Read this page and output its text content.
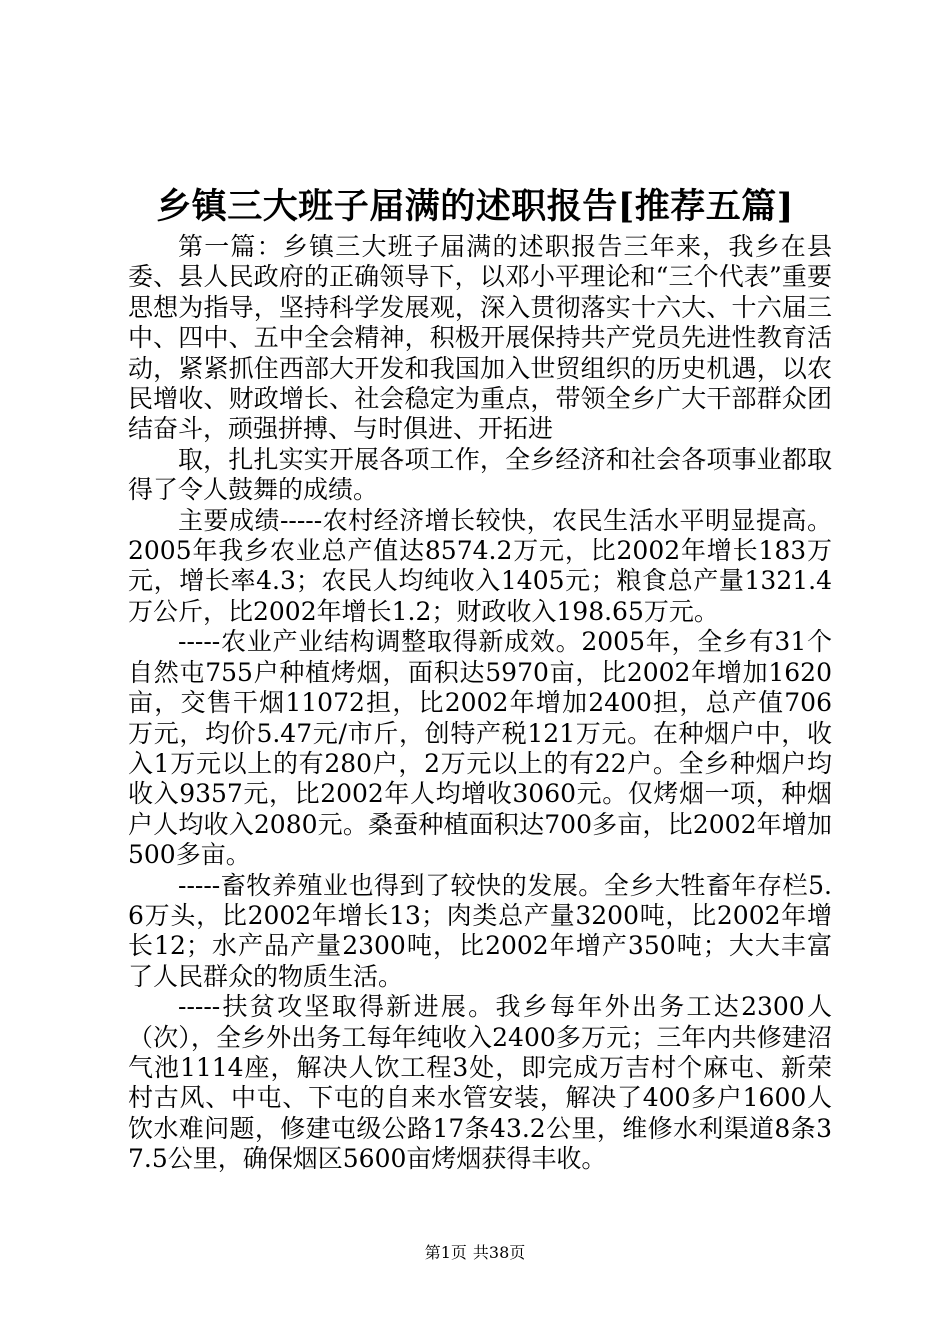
乡镇三大班子届满的述职报告[推荐五篇]

第一篇：乡镇三大班子届满的述职报告三年来，我乡在县委、县人民政府的正确领导下，以邓小平理论和“三个代表”重要思想为指导，坚持科学发展观，深入贯彻落实十六大、十六届三中、四中、五中全会精神，积极开展保持共产党员先进性教育活动，紧紧抓住西部大开发和我国加入世贸组织的历史机遇，以农民增收、财政增长、社会稳定为重点，带领全乡广大干部群众团结奋斗，顽强拼搏、与时俱进、开拓进

取，扎扎实实开展各项工作，全乡经济和社会各项事业都取得了令人鼓舞的成绩。

主要成绩-----农村经济增长较快，农民生活水平明显提高。2005年我乡农业总产值达8574.2万元，比2002年增长183万元，增长率4.3；农民人均纯收入1405元；粮食总产量1321.4万公斤，比2002年增长1.2；财政收入198.65万元。

-----农业产业结构调整取得新成效。2005年，全乡有31个自然屯755户种植烤烟，面积达5970亩，比2002年增加1620亩，交售干烟11072担，比2002年增加2400担，总产值706万元，均价5.47元/市斤，创特产税121万元。在种烟户中，收入1万元以上的有280户，2万元以上的有22户。全乡种烟户均收入9357元，比2002年人均增收3060元。仅烤烟一项，种烟户人均收入2080元。桑蚕种植面积达700多亩，比2002年增加500多亩。

-----畜牧养殖业也得到了较快的发展。全乡大牲畜年存栏5.6万头，比2002年增长13；肉类总产量3200吨，比2002年增长12；水产品产量2300吨，比2002年增产350吨；大大丰富了人民群众的物质生活。

-----扶贫攻坚取得新进展。我乡每年外出务工达2300人（次），全乡外出务工每年纯收入2400多万元；三年内共修建沼气池1114座，解决人饮工程3处，即完成万吉村个麻屯、新荣村古风、中屯、下屯的自来水管安装，解决了400多户1600人饮水难问题，修建屯级公路17条43.2公里，维修水利渠道8条37.5公里，确保烟区5600亩烤烟获得丰收。

第1页 共38页
